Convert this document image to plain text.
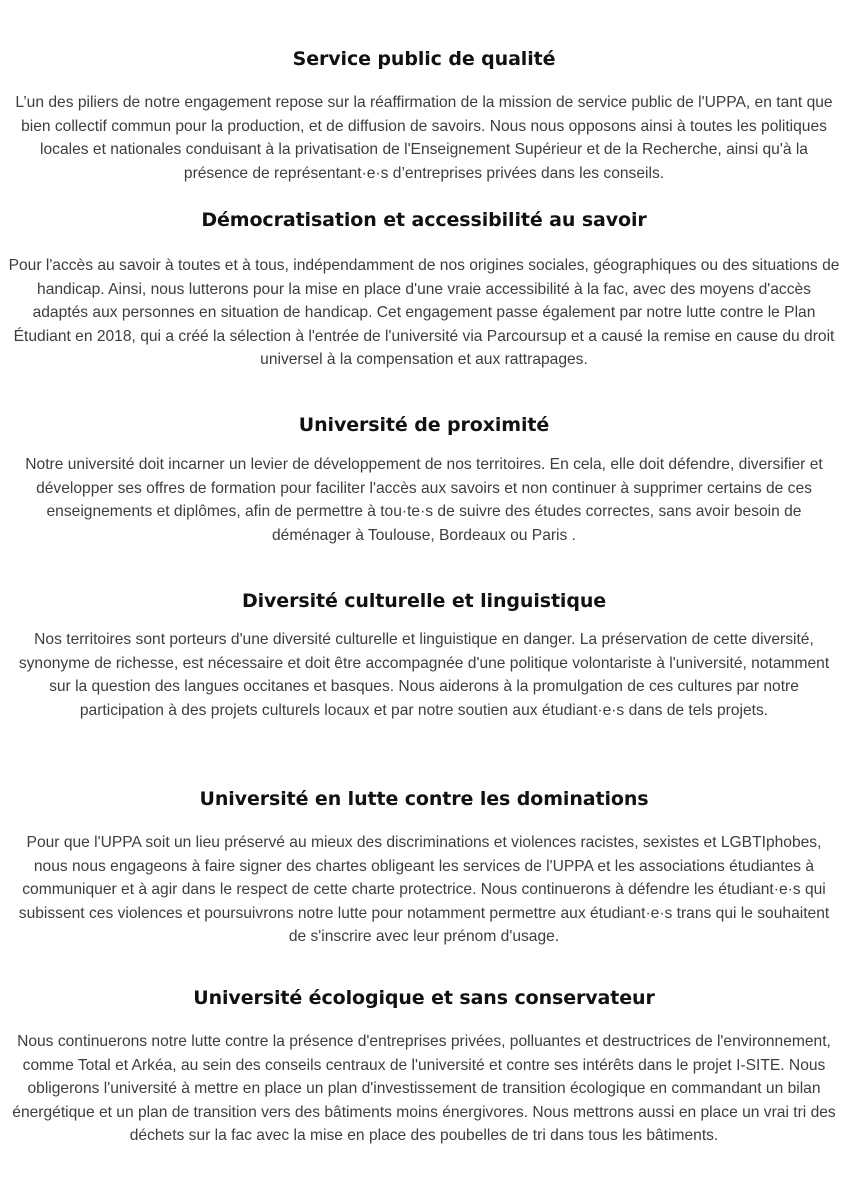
Service public de qualité

L’un des piliers de notre engagement repose sur la réaffirmation de la mission de service public de l'UPPA, en tant que bien collectif commun pour la production, et de diffusion de savoirs. Nous nous opposons ainsi à toutes les politiques locales et nationales conduisant à la privatisation de l'Enseignement Supérieur et de la Recherche, ainsi qu'à la présence de représentant·e·s d’entreprises privées dans les conseils.

Démocratisation et accessibilité au savoir

Pour l'accès au savoir à toutes et à tous, indépendamment de nos origines sociales, géographiques ou des situations de handicap. Ainsi, nous lutterons pour la mise en place d'une vraie accessibilité à la fac, avec des moyens d'accès adaptés aux personnes en situation de handicap. Cet engagement passe également par notre lutte contre le Plan Étudiant en 2018, qui a créé la sélection à l'entrée de l'université via Parcoursup et a causé la remise en cause du droit universel à la compensation et aux rattrapages.

Université de proximité

Notre université doit incarner un levier de développement de nos territoires. En cela, elle doit défendre, diversifier et développer ses offres de formation pour faciliter l'accès aux savoirs et non continuer à supprimer certains de ces enseignements et diplômes, afin de permettre à tou·te·s de suivre des études correctes, sans avoir besoin de déménager à Toulouse, Bordeaux ou Paris .

Diversité culturelle et linguistique

Nos territoires sont porteurs d'une diversité culturelle et linguistique en danger. La préservation de cette diversité, synonyme de richesse, est nécessaire et doit être accompagnée d'une politique volontariste à l'université, notamment sur la question des langues occitanes et basques. Nous aiderons à la promulgation de ces cultures par notre participation à des projets culturels locaux et par notre soutien aux étudiant·e·s dans de tels projets.

Université en lutte contre les dominations

Pour que l'UPPA soit un lieu préservé au mieux des discriminations et violences racistes, sexistes et LGBTIphobes, nous nous engageons à faire signer des chartes obligeant les services de l'UPPA et les associations étudiantes à communiquer et à agir dans le respect de cette charte protectrice. Nous continuerons à défendre les étudiant·e·s qui subissent ces violences et poursuivrons notre lutte pour notamment permettre aux étudiant·e·s trans qui le souhaitent de s'inscrire avec leur prénom d'usage.

Université écologique et sans conservateur

Nous continuerons notre lutte contre la présence d'entreprises privées, polluantes et destructrices de l'environnement, comme Total et Arkéa, au sein des conseils centraux de l'université et contre ses intérêts dans le projet I-SITE. Nous obligerons l'université à mettre en place un plan d'investissement de transition écologique en commandant un bilan énergétique et un plan de transition vers des bâtiments moins énergivores. Nous mettrons aussi en place un vrai tri des déchets sur la fac avec la mise en place des poubelles de tri dans tous les bâtiments.
